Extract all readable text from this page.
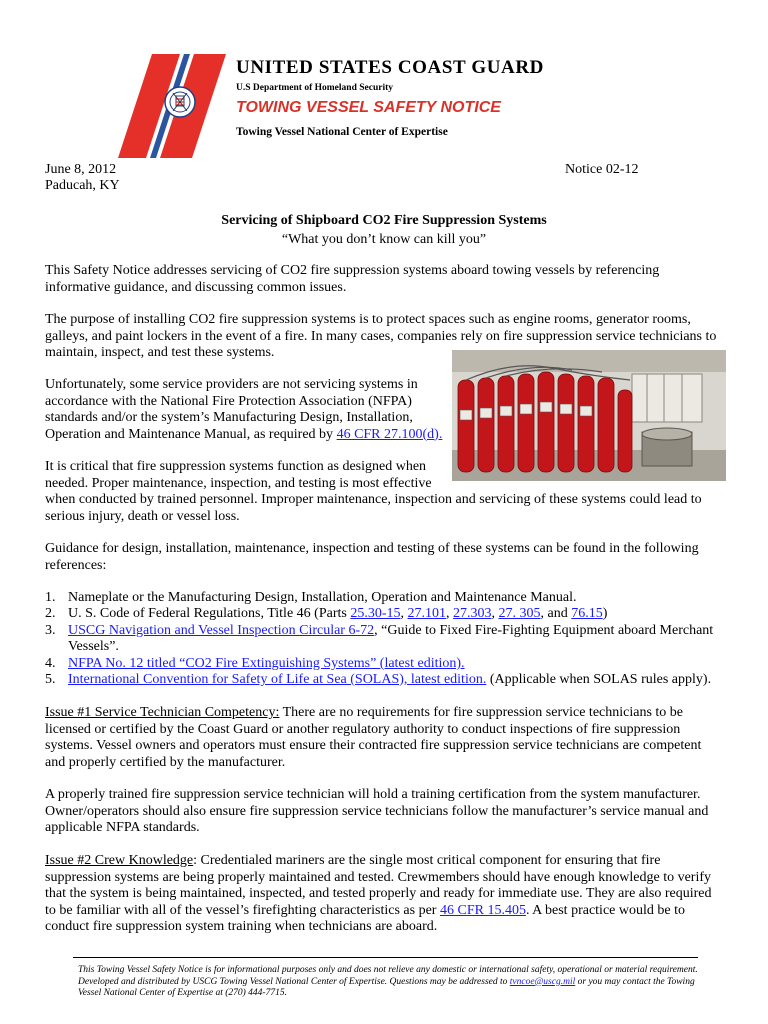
UNITED STATES COAST GUARD
U.S Department of Homeland Security
TOWING VESSEL SAFETY NOTICE
Towing Vessel National Center of Expertise
June 8, 2012
Paducah, KY
Notice 02-12
Servicing of Shipboard CO2 Fire Suppression Systems
“What you don’t know can kill you”
This Safety Notice addresses servicing of CO2 fire suppression systems aboard towing vessels by referencing informative guidance, and discussing common issues.
The purpose of installing CO2 fire suppression systems is to protect spaces such as engine rooms, generator rooms, galleys, and paint lockers in the event of a fire. In many cases, companies rely on fire suppression service technicians to maintain, inspect, and test these systems.
Unfortunately, some service providers are not servicing systems in
accordance with the National Fire Protection Association (NFPA)
standards and/or the system’s Manufacturing Design, Installation,
Operation and Maintenance Manual, as required by 46 CFR 27.100(d).
It is critical that fire suppression systems function as designed when
needed. Proper maintenance, inspection, and testing is most effective
when conducted by trained personnel. Improper maintenance, inspection and servicing of these systems could lead to serious injury, death or vessel loss.
Guidance for design, installation, maintenance, inspection and testing of these systems can be found in the following references:
1. Nameplate or the Manufacturing Design, Installation, Operation and Maintenance Manual.
2. U. S. Code of Federal Regulations, Title 46 (Parts 25.30-15, 27.101, 27.303, 27. 305, and 76.15)
3. USCG Navigation and Vessel Inspection Circular 6-72, “Guide to Fixed Fire-Fighting Equipment aboard Merchant
Vessels”.
4. NFPA No. 12 titled “CO2 Fire Extinguishing Systems” (latest edition).
5. International Convention for Safety of Life at Sea (SOLAS), latest edition. (Applicable when SOLAS rules apply).
Issue #1 Service Technician Competency: There are no requirements for fire suppression service technicians to be licensed or certified by the Coast Guard or another regulatory authority to conduct inspections of fire suppression systems. Vessel owners and operators must ensure their contracted fire suppression service technicians are competent and properly certified by the manufacturer.
A properly trained fire suppression service technician will hold a training certification from the system manufacturer. Owner/operators should also ensure fire suppression service technicians follow the manufacturer’s service manual and applicable NFPA standards.
Issue #2 Crew Knowledge: Credentialed mariners are the single most critical component for ensuring that fire suppression systems are being properly maintained and tested. Crewmembers should have enough knowledge to verify that the system is being maintained, inspected, and tested properly and ready for immediate use. They are also required to be familiar with all of the vessel’s firefighting characteristics as per 46 CFR 15.405. A best practice would be to conduct fire suppression system training when technicians are aboard.
This Towing Vessel Safety Notice is for informational purposes only and does not relieve any domestic or international safety, operational or material requirement. Developed and distributed by USCG Towing Vessel National Center of Expertise. Questions may be addressed to tvncoe@uscg.mil or you may contact the Towing Vessel National Center of Expertise at (270) 444-7715.
